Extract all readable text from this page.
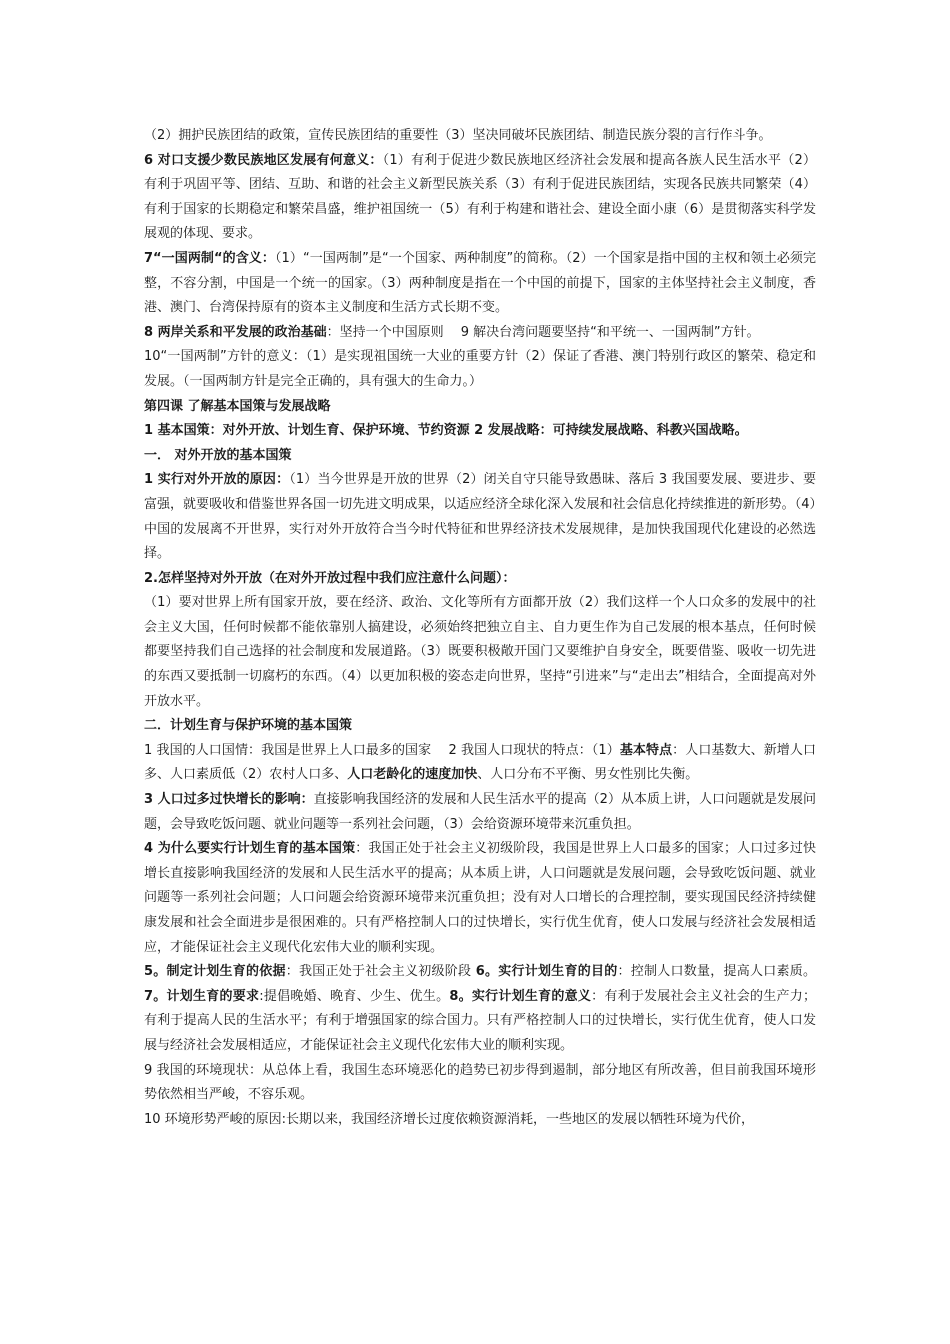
（2）拥护民族团结的政策，宣传民族团结的重要性（3）坚决同破坏民族团结、制造民族分裂的言行作斗争。

6 对口支援少数民族地区发展有何意义：（1）有利于促进少数民族地区经济社会发展和提高各族人民生活水平（2）有利于巩固平等、团结、互助、和谐的社会主义新型民族关系（3）有利于促进民族团结，实现各民族共同繁荣（4）有利于国家的长期稳定和繁荣昌盛，维护祖国统一（5）有利于构建和谐社会、建设全面小康（6）是贯彻落实科学发展观的体现、要求。

7“一国两制“的含义：（1）“一国两制”是“一个国家、两种制度”的简称。（2）一个国家是指中国的主权和领土必须完整，不容分割，中国是一个统一的国家。（3）两种制度是指在一个中国的前提下，国家的主体坚持社会主义制度，香港、澳门、台湾保持原有的资本主义制度和生活方式长期不变。

8 两岸关系和平发展的政治基础：坚持一个中国原则　 9 解决台湾问题要坚持“和平统一、一国两制”方针。

10“一国两制”方针的意义：（1）是实现祖国统一大业的重要方针（2）保证了香港、澳门特别行政区的繁荣、稳定和发展。（一国两制方针是完全正确的，具有强大的生命力。）

第四课 了解基本国策与发展战略

1 基本国策：对外开放、计划生育、保护环境、节约资源 2 发展战略：可持续发展战略、科教兴国战略。

一． 对外开放的基本国策

1 实行对外开放的原因：（1）当今世界是开放的世界（2）闭关自守只能导致愚昧、落后 3 我国要发展、要进步、要富强，就要吸收和借鉴世界各国一切先进文明成果，以适应经济全球化深入发展和社会信息化持续推进的新形势。（4）中国的发展离不开世界，实行对外开放符合当今时代特征和世界经济技术发展规律，是加快我国现代化建设的必然选择。

2.怎样坚持对外开放（在对外开放过程中我们应注意什么问题）：

（1）要对世界上所有国家开放，要在经济、政治、文化等所有方面都开放（2）我们这样一个人口众多的发展中的社会主义大国，任何时候都不能依靠别人搞建设，必须始终把独立自主、自力更生作为自己发展的根本基点，任何时候都要坚持我们自己选择的社会制度和发展道路。（3）既要积极敞开国门又要维护自身安全，既要借鉴、吸收一切先进的东西又要抵制一切腐朽的东西。（4）以更加积极的姿态走向世界，坚持“引进来”与“走出去”相结合，全面提高对外开放水平。

二．计划生育与保护环境的基本国策

1 我国的人口国情：我国是世界上人口最多的国家　 2 我国人口现状的特点：（1）基本特点：人口基数大、新增人口多、人口素质低（2）农村人口多、人口老龄化的速度加快、人口分布不平衡、男女性别比失衡。

3 人口过多过快增长的影响：直接影响我国经济的发展和人民生活水平的提高（2）从本质上讲，人口问题就是发展问题，会导致吃饭问题、就业问题等一系列社会问题，（3）会给资源环境带来沉重负担。

4 为什么要实行计划生育的基本国策：我国正处于社会主义初级阶段，我国是世界上人口最多的国家；人口过多过快增长直接影响我国经济的发展和人民生活水平的提高；从本质上讲，人口问题就是发展问题，会导致吃饭问题、就业问题等一系列社会问题；人口问题会给资源环境带来沉重负担；没有对人口增长的合理控制，要实现国民经济持续健康发展和社会全面进步是很困难的。只有严格控制人口的过快增长，实行优生优育，使人口发展与经济社会发展相适应，才能保证社会主义现代化宏伟大业的顺利实现。

5。制定计划生育的依据：我国正处于社会主义初级阶段 6。实行计划生育的目的：控制人口数量，提高人口素质。7。计划生育的要求:提倡晚婚、晚育、少生、优生。8。实行计划生育的意义：有利于发展社会主义社会的生产力；有利于提高人民的生活水平；有利于增强国家的综合国力。只有严格控制人口的过快增长，实行优生优育，使人口发展与经济社会发展相适应，才能保证社会主义现代化宏伟大业的顺利实现。

9 我国的环境现状：从总体上看，我国生态环境恶化的趋势已初步得到遏制，部分地区有所改善，但目前我国环境形势依然相当严峻，不容乐观。

10 环境形势严峻的原因:长期以来，我国经济增长过度依赖资源消耗，一些地区的发展以牺牲环境为代价，
